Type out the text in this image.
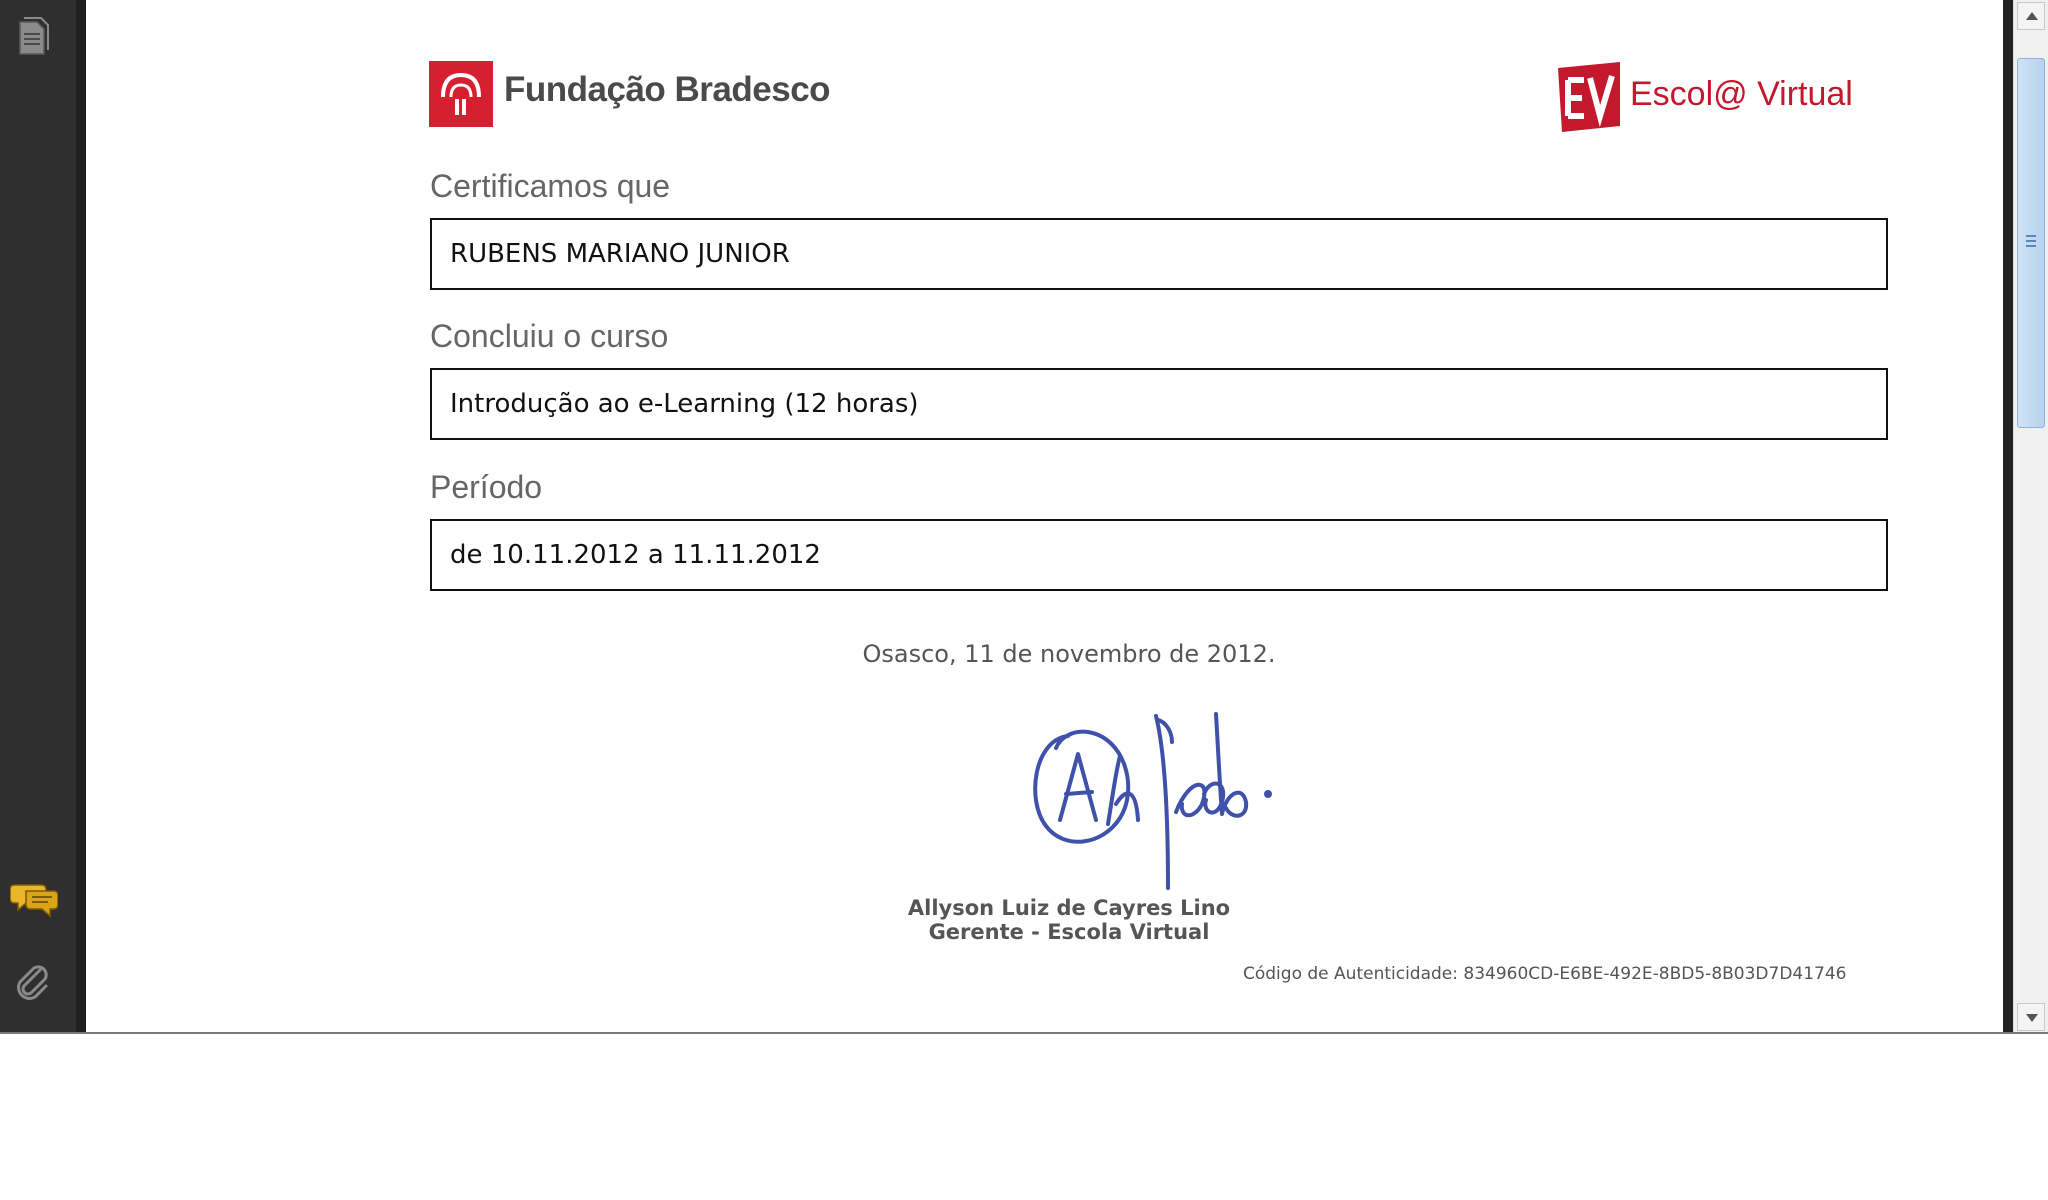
Fundação Bradesco	Escol@ Virtual
Certificamos que
RUBENS MARIANO JUNIOR
Concluiu o curso
Introdução ao e-Learning (12 horas)
Período
de 10.11.2012 a 11.11.2012
Osasco, 11 de novembro de 2012.
Allyson Luiz de Cayres Lino
Gerente - Escola Virtual
Código de Autenticidade: 834960CD-E6BE-492E-8BD5-8B03D7D41746
